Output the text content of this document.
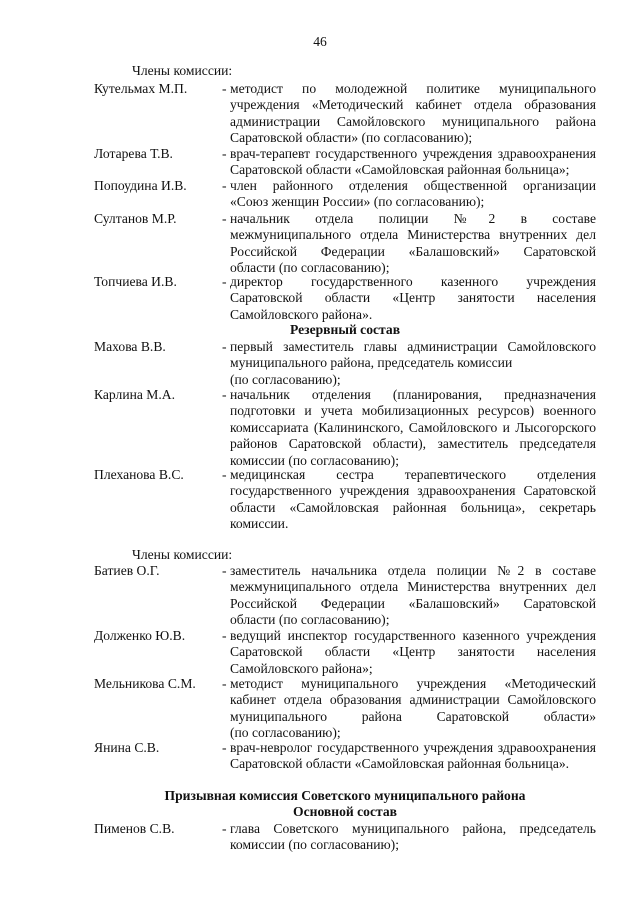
46
Члены комиссии:
Кутельмах М.П.	- методист по молодежной политике муниципального
учреждения «Методический кабинет отдела образования
администрации Самойловского муниципального района
Саратовской области» (по согласованию);
Лотарева Т.В.	- врач-терапевт государственного учреждения здравоохранения
Саратовской области «Самойловская районная больница»;
Попоудина И.В.	- член районного отделения общественной организации
«Союз женщин России» (по согласованию);
Султанов М.Р.	- начальник отдела полиции №2 в составе
межмуниципального отдела Министерства внутренних дел
Российской Федерации «Балашовский» Саратовской
области (по согласованию);
Топчиева И.В.	- директор государственного казенного учреждения
Саратовской области «Центр занятости населения
Самойловского района».
Резервный состав
Махова В.В.	- первый заместитель главы администрации Самойловского
муниципального района, председатель комиссии
(по согласованию);
Карлина М.А.	- начальник отделения (планирования, предназначения
подготовки и учета мобилизационных ресурсов) военного
комиссариата (Калининского, Самойловского и Лысогорского
районов Саратовской области), заместитель председателя
комиссии (по согласованию);
Плеханова В.С.	- медицинская сестра терапевтического отделения
государственного учреждения здравоохранения Саратовской
области «Самойловская районная больница», секретарь
комиссии.
Члены комиссии:
Батиев О.Г.	- заместитель начальника отдела полиции №2 в составе
межмуниципального отдела Министерства внутренних дел
Российской Федерации «Балашовский» Саратовской
области (по согласованию);
Долженко Ю.В.	- ведущий инспектор государственного казенного учреждения
Саратовской области «Центр занятости населения
Самойловского района»;
Мельникова С.М. - методист муниципального учреждения «Методический
кабинет отдела образования администрации Самойловского
муниципального района Саратовской области»
(по согласованию);
Янина С.В.	- врач-невролог государственного учреждения здравоохранения
Саратовской области «Самойловская районная больница».
Призывная комиссия Советского муниципального района
Основной состав
Пименов С.В.	- глава Советского муниципального района, председатель
комиссии (по согласованию);
